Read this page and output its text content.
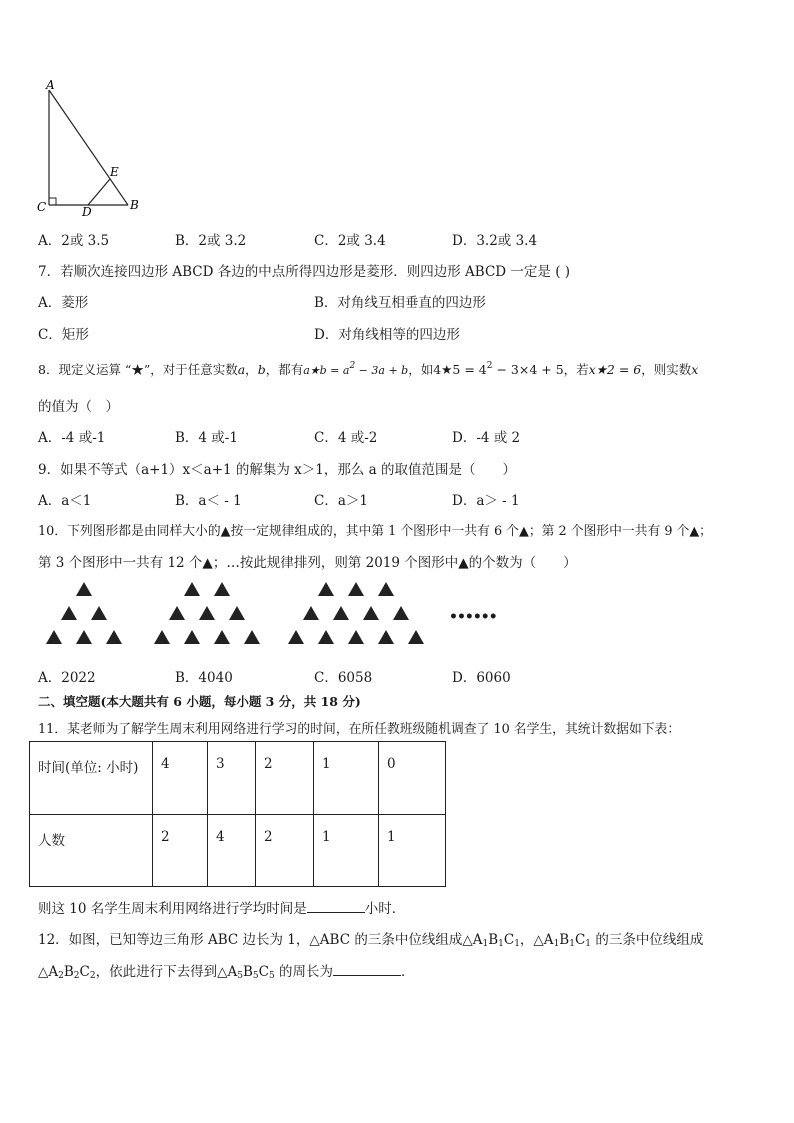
A
C	D
E
B
A．2或 3.5	B．2或 3.2	C．2或 3.4	D．3.2或 3.4
7．若顺次连接四边形 ABCD 各边的中点所得四边形是菱形．则四边形 ABCD 一定是 ( )
A．菱形	B．对角线互相垂直的四边形
C．矩形	D．对角线相等的四边形
8．现定义运算 “★”，对于任意实数a，b，都有a★b = $a^2 - 3a + b$，如4★5 = $4^2 - 3\times 4 + 5$，若x★2 = 6，则实数x
的值为（　）
A．-4 或-1	B．4 或-1	C．4 或-2	D．-4 或 2
9．如果不等式（a+1）x＜a+1 的解集为 x＞1，那么 a 的取值范围是（　　）
A．a＜1	B．a＜ - 1	C．a＞1	D．a＞ - 1
10．下列图形都是由同样大小的▲按一定规律组成的，其中第 1 个图形中一共有 6 个▲；第 2 个图形中一共有 9 个▲；
第 3 个图形中一共有 12 个▲；…按此规律排列，则第 2019 个图形中▲的个数为（　　）
••••••
A．2022	B．4040	C．6058	D．6060
二、填空题(本大题共有 6 小题，每小题 3 分，共 18 分)
11．某老师为了解学生周末利用网络进行学习的时间，在所任教班级随机调查了 10 名学生，其统计数据如下表：
时间(单位: 小时)	4	3	2	1	0
人数	2	4	2	1	1
则这 10 名学生周末利用网络进行学均时间是	小时．
12．如图，已知等边三角形 ABC 边长为 1，△ABC 的三条中位线组成$\triangle A_1B_1C_1$，$\triangle A_1B_1C_1$ 的三条中位线组成
$\triangle A_2B_2C_2$，依此进行下去得到$\triangle A_5B_5C_5$ 的周长为	．
